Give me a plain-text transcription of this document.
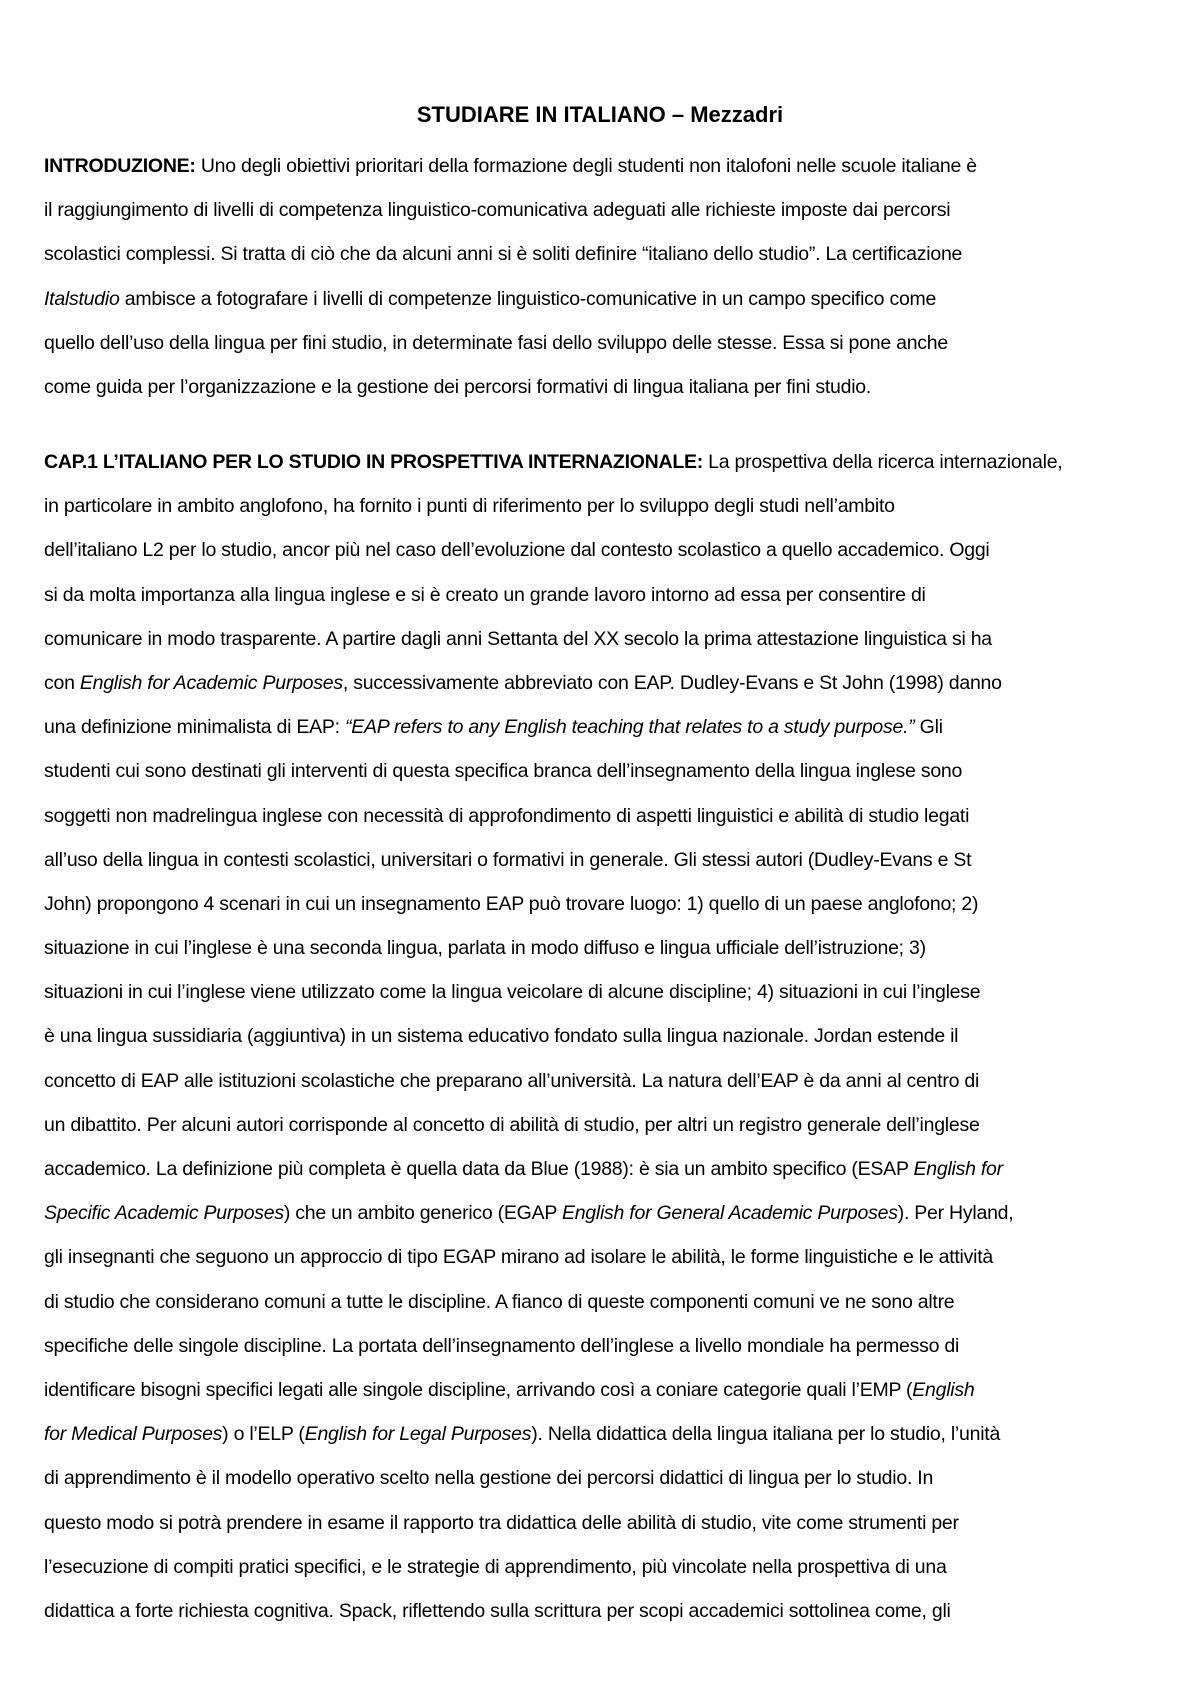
STUDIARE IN ITALIANO – Mezzadri
INTRODUZIONE: Uno degli obiettivi prioritari della formazione degli studenti non italofoni nelle scuole italiane è
il raggiungimento di livelli di competenza linguistico-comunicativa adeguati alle richieste imposte dai percorsi
scolastici complessi. Si tratta di ciò che da alcuni anni si è soliti definire “italiano dello studio”. La certificazione
Italstudio ambisce a fotografare i livelli di competenze linguistico-comunicative in un campo specifico come
quello dell’uso della lingua per fini studio, in determinate fasi dello sviluppo delle stesse. Essa si pone anche
come guida per l’organizzazione e la gestione dei percorsi formativi di lingua italiana per fini studio.
CAP.1 L’ITALIANO PER LO STUDIO IN PROSPETTIVA INTERNAZIONALE: La prospettiva della ricerca internazionale,
in particolare in ambito anglofono, ha fornito i punti di riferimento per lo sviluppo degli studi nell’ambito
dell’italiano L2 per lo studio, ancor più nel caso dell’evoluzione dal contesto scolastico a quello accademico. Oggi
si da molta importanza alla lingua inglese e si è creato un grande lavoro intorno ad essa per consentire di
comunicare in modo trasparente. A partire dagli anni Settanta del XX secolo la prima attestazione linguistica si ha
con English for Academic Purposes, successivamente abbreviato con EAP. Dudley-Evans e St John (1998) danno
una definizione minimalista di EAP: “EAP refers to any English teaching that relates to a study purpose.” Gli
studenti cui sono destinati gli interventi di questa specifica branca dell’insegnamento della lingua inglese sono
soggetti non madrelingua inglese con necessità di approfondimento di aspetti linguistici e abilità di studio legati
all’uso della lingua in contesti scolastici, universitari o formativi in generale. Gli stessi autori (Dudley-Evans e St
John) propongono 4 scenari in cui un insegnamento EAP può trovare luogo: 1) quello di un paese anglofono; 2)
situazione in cui l’inglese è una seconda lingua, parlata in modo diffuso e lingua ufficiale dell’istruzione; 3)
situazioni in cui l’inglese viene utilizzato come la lingua veicolare di alcune discipline; 4) situazioni in cui l’inglese
è una lingua sussidiaria (aggiuntiva) in un sistema educativo fondato sulla lingua nazionale. Jordan estende il
concetto di EAP alle istituzioni scolastiche che preparano all’università. La natura dell’EAP è da anni al centro di
un dibattito. Per alcuni autori corrisponde al concetto di abilità di studio, per altri un registro generale dell’inglese
accademico. La definizione più completa è quella data da Blue (1988): è sia un ambito specifico (ESAP English for
Specific Academic Purposes) che un ambito generico (EGAP English for General Academic Purposes). Per Hyland,
gli insegnanti che seguono un approccio di tipo EGAP mirano ad isolare le abilità, le forme linguistiche e le attività
di studio che considerano comuni a tutte le discipline. A fianco di queste componenti comuni ve ne sono altre
specifiche delle singole discipline. La portata dell’insegnamento dell’inglese a livello mondiale ha permesso di
identificare bisogni specifici legati alle singole discipline, arrivando così a coniare categorie quali l’EMP (English
for Medical Purposes) o l’ELP (English for Legal Purposes). Nella didattica della lingua italiana per lo studio, l’unità
di apprendimento è il modello operativo scelto nella gestione dei percorsi didattici di lingua per lo studio. In
questo modo si potrà prendere in esame il rapporto tra didattica delle abilità di studio, vite come strumenti per
l’esecuzione di compiti pratici specifici, e le strategie di apprendimento, più vincolate nella prospettiva di una
didattica a forte richiesta cognitiva. Spack, riflettendo sulla scrittura per scopi accademici sottolinea come, gli
